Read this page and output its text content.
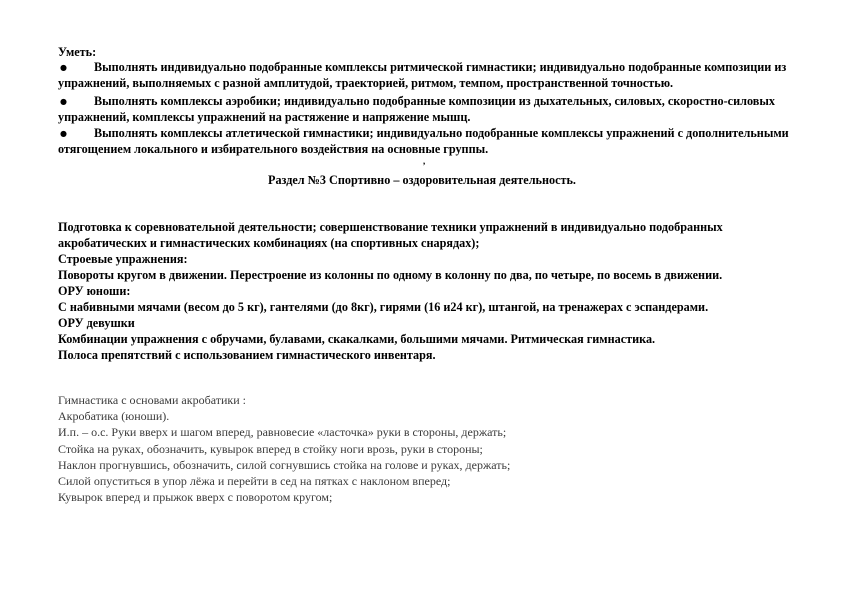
Уметь:
● Выполнять индивидуально подобранные комплексы ритмической гимнастики; индивидуально подобранные композиции из
упражнений, выполняемых с разной амплитудой, траекторией, ритмом, темпом, пространственной точностью.
● Выполнять комплексы аэробики; индивидуально подобранные композиции из дыхательных, силовых, скоростно-силовых
упражнений, комплексы упражнений на растяжение и напряжение мышц.
● Выполнять комплексы атлетической гимнастики; индивидуально подобранные комплексы упражнений с дополнительными
отягощением локального и избирательного воздействия на основные группы.
,
Раздел №3 Спортивно – оздоровительная деятельность.
Подготовка к соревновательной деятельности; совершенствование техники упражнений в индивидуально подобранных
акробатических и гимнастических комбинациях (на спортивных снарядах);
Строевые упражнения:
Повороты кругом в движении. Перестроение из колонны по одному в колонну по два, по четыре, по восемь в движении.
ОРУ юноши:
С набивными мячами (весом до 5 кг), гантелями (до 8кг), гирями (16 и24 кг), штангой, на тренажерах с эспандерами.
ОРУ девушки
Комбинации упражнения с обручами, булавами, скакалками, большими мячами. Ритмическая гимнастика.
Полоса препятствий с использованием гимнастического инвентаря.
Гимнастика с основами акробатики :
Акробатика (юноши).
И.п. – о.с. Руки вверх и шагом вперед, равновесие «ласточка» руки в стороны, держать;
Стойка на руках, обозначить, кувырок вперед в стойку ноги врозь, руки в стороны;
Наклон прогнувшись, обозначить, силой согнувшись стойка на голове и руках, держать;
Силой опуститься в упор лёжа и перейти в сед на пятках с наклоном вперед;
Кувырок вперед и прыжок вверх с поворотом кругом;
